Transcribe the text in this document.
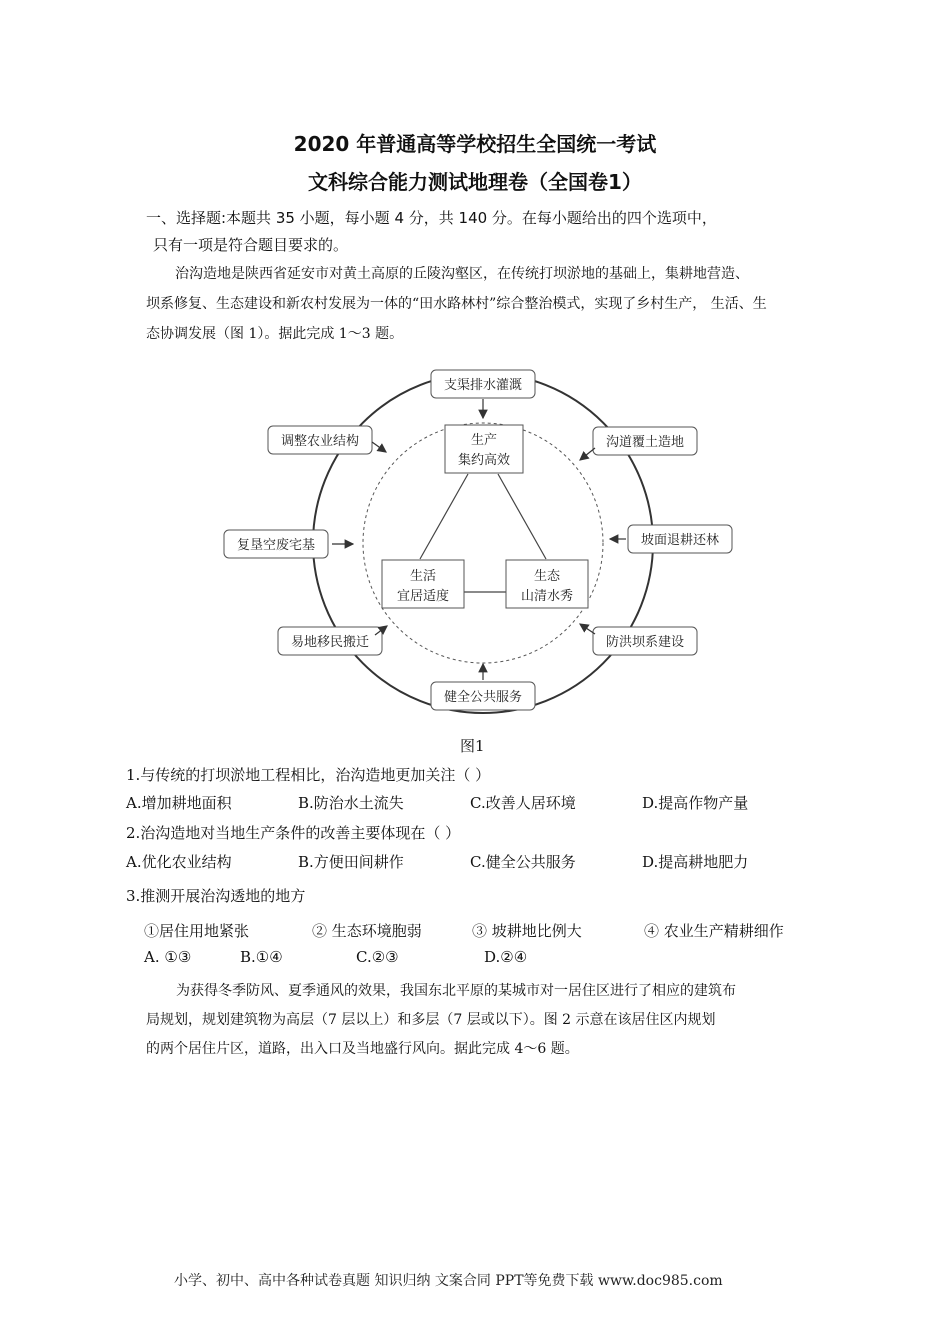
2020 年普通高等学校招生全国统一考试
文科综合能力测试地理卷（全国卷1）
一、选择题:本题共 35 小题，每小题 4 分，共 140 分。在每小题给出的四个选项中，
只有一项是符合题目要求的。
治沟造地是陕西省延安市对黄土高原的丘陵沟壑区，在传统打坝淤地的基础上，集耕地营造、
坝系修复、生态建设和新农村发展为一体的“田水路林村”综合整治模式，实现了乡村生产， 生活、生
态协调发展（图 1）。据此完成 1～3 题。
支渠排水灌溉
沟道覆土造地
坡面退耕还林
防洪坝系建设
健全公共服务
易地移民搬迁
复垦空废宅基
调整农业结构	生产
集约高效
生活
宜居适度
生态
山清水秀
图1
1.与传统的打坝淤地工程相比，治沟造地更加关注（ ）
A.增加耕地面积	B.防治水土流失	C.改善人居环境	D.提高作物产量
2.治沟造地对当地生产条件的改善主要体现在（ ）
A.优化农业结构	B.方便田间耕作	C.健全公共服务	D.提高耕地肥力
3.推测开展治沟透地的地方
①居住用地紧张	② 生态环境胞弱	③ 坡耕地比例大	④ 农业生产精耕细作
A. ①③	B.①④	C.②③	D.②④
为获得冬季防风、夏季通风的效果，我国东北平原的某城市对一居住区进行了相应的建筑布
局规划，规划建筑物为高层（7 层以上）和多层（7 层或以下）。图 2 示意在该居住区内规划
的两个居住片区，道路，出入口及当地盛行风向。据此完成 4～6 题。
小学、初中、高中各种试卷真题 知识归纳 文案合同 PPT等免费下载 www.doc985.com
